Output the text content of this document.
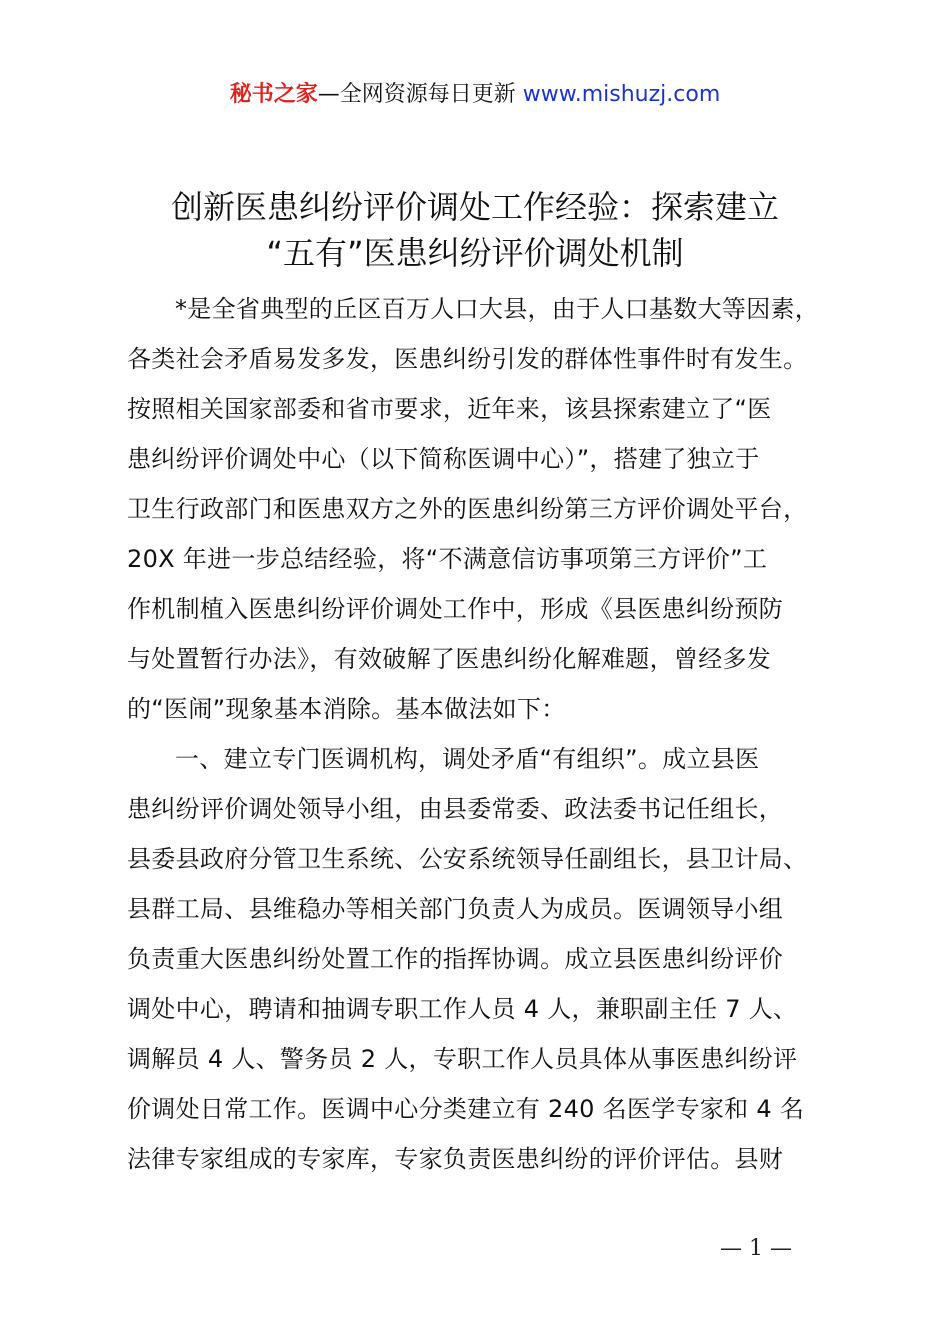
秘书之家—全网资源每日更新 www.mishuzj.com
创新医患纠纷评价调处工作经验：探索建立
“五有”医患纠纷评价调处机制
*是全省典型的丘区百万人口大县，由于人口基数大等因素，
各类社会矛盾易发多发，医患纠纷引发的群体性事件时有发生。
按照相关国家部委和省市要求，近年来，该县探索建立了“医
患纠纷评价调处中心（以下简称医调中心）”，搭建了独立于
卫生行政部门和医患双方之外的医患纠纷第三方评价调处平台，
20X 年进一步总结经验，将“不满意信访事项第三方评价”工
作机制植入医患纠纷评价调处工作中，形成《县医患纠纷预防
与处置暂行办法》，有效破解了医患纠纷化解难题，曾经多发
的“医闹”现象基本消除。基本做法如下：
一、建立专门医调机构，调处矛盾“有组织”。成立县医
患纠纷评价调处领导小组，由县委常委、政法委书记任组长，
县委县政府分管卫生系统、公安系统领导任副组长，县卫计局、
县群工局、县维稳办等相关部门负责人为成员。医调领导小组
负责重大医患纠纷处置工作的指挥协调。成立县医患纠纷评价
调处中心，聘请和抽调专职工作人员 4 人，兼职副主任 7 人、
调解员 4 人、警务员 2 人，专职工作人员具体从事医患纠纷评
价调处日常工作。医调中心分类建立有 240 名医学专家和 4 名
法律专家组成的专家库，专家负责医患纠纷的评价评估。县财
— 1 —
